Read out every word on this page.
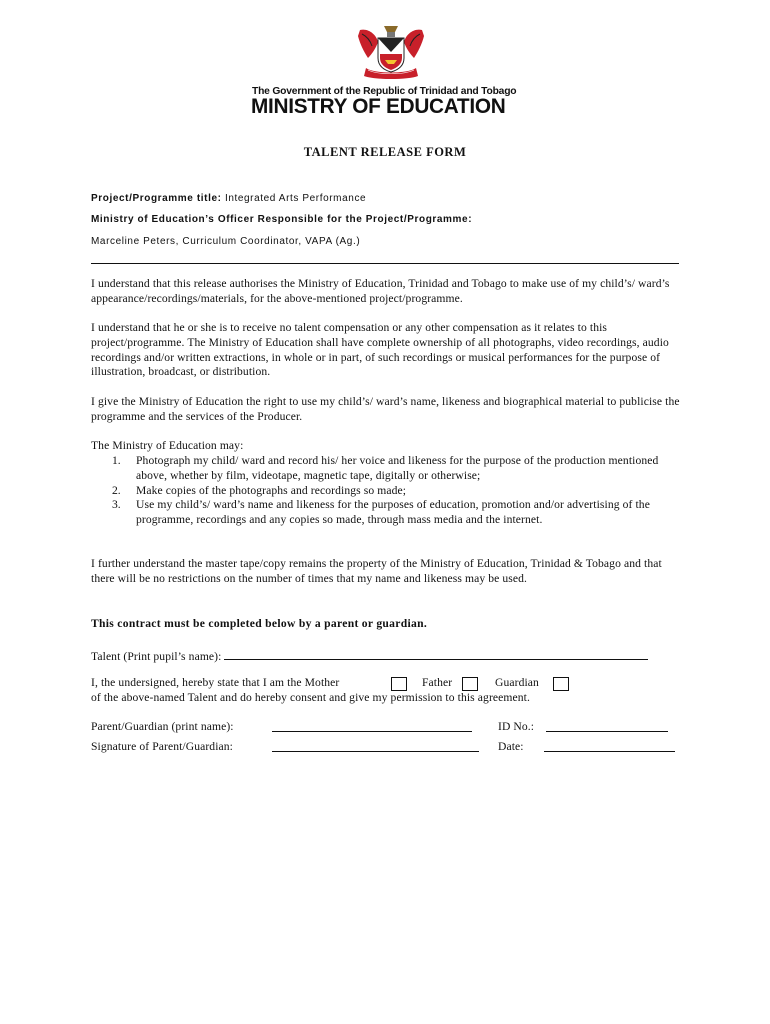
The Government of the Republic of Trinidad and Tobago
MINISTRY OF EDUCATION
TALENT RELEASE FORM
Project/Programme title: Integrated Arts Performance
Ministry of Education’s Officer Responsible for the Project/Programme:
Marceline Peters, Curriculum Coordinator, VAPA (Ag.)

I understand that this release authorises the Ministry of Education, Trinidad and Tobago to make use of my child’s/ ward’s appearance/recordings/materials, for the above-mentioned project/programme.

I understand that he or she is to receive no talent compensation or any other compensation as it relates to this project/programme. The Ministry of Education shall have complete ownership of all photographs, video recordings, audio recordings and/or written extractions, in whole or in part, of such recordings or musical performances for the purpose of illustration, broadcast, or distribution.

I give the Ministry of Education the right to use my child’s/ ward’s name, likeness and biographical material to publicise the programme and the services of the Producer.

The Ministry of Education may:

1. Photograph my child/ ward and record his/ her voice and likeness for the purpose of the production mentioned above, whether by film, videotape, magnetic tape, digitally or otherwise;
2. Make copies of the photographs and recordings so made;
3. Use my child’s/ ward’s name and likeness for the purposes of education, promotion and/or advertising of the programme, recordings and any copies so made, through mass media and the internet.

I further understand the master tape/copy remains the property of the Ministry of Education, Trinidad & Tobago and that there will be no restrictions on the number of times that my name and likeness may be used.

This contract must be completed below by a parent or guardian.
Talent (Print pupil’s name):
I, the undersigned, hereby state that I am the Mother	Father	Guardian
of the above-named Talent and do hereby consent and give my permission to this agreement.
Parent/Guardian (print name):	ID No.:
Signature of Parent/Guardian:	Date:
